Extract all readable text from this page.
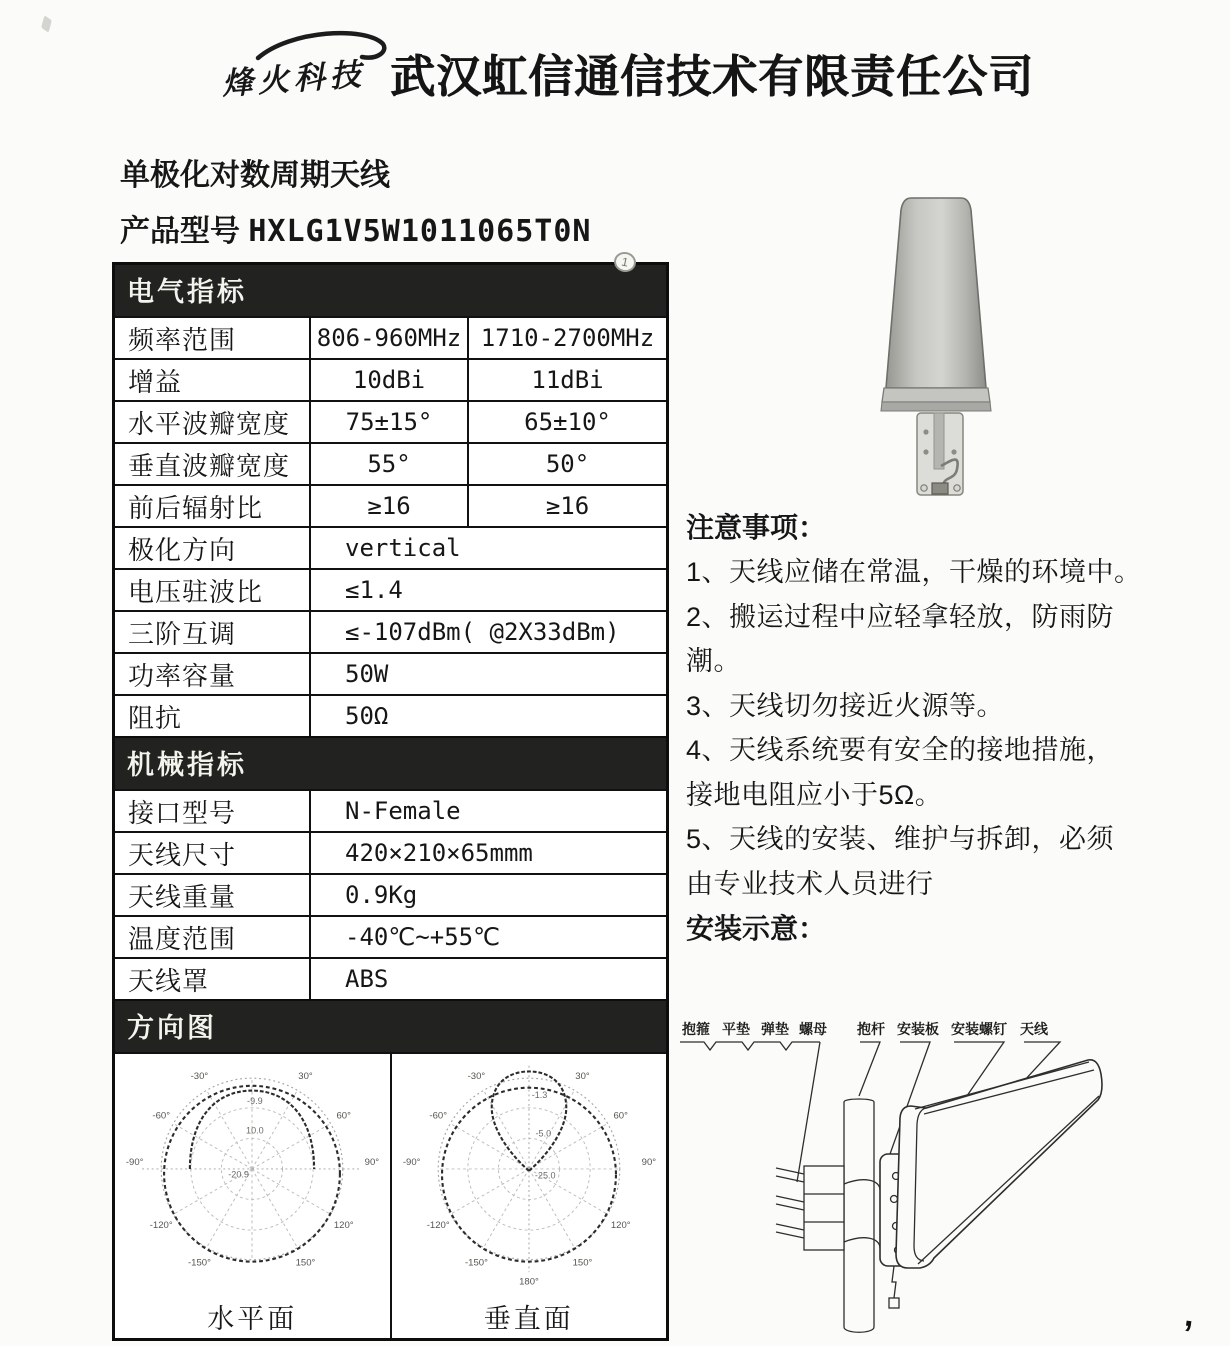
1
,
烽火科技 武汉虹信通信技术有限责任公司
单极化对数周期天线
产品型号 HXLG1V5W1011065T0N
电气指标
频率范围	806-960MHz 1710-2700MHz
增益	10dBi	11dBi
水平波瓣宽度	75±15°	65±10°
垂直波瓣宽度	55°	50°
前后辐射比	≥16	≥16
极化方向	vertical
电压驻波比	≤1.4
三阶互调	≤-107dBm( @2X33dBm)
功率容量	50W
阻抗	50Ω
机械指标
接口型号	N-Female
天线尺寸	420×210×65mmm
天线重量	0.9Kg
温度范围	-40℃~+55℃
天线罩	ABS
方向图
-30°	30°
-60°	60°
-90°	90°
-120°	120°
-150°	150°
-9.9
10.0
-20.9
水平面
-30°	30°
-60°	60°
-90°	90°
-120°	120°
-150°	150°
180°
-1.3
-5.0
-25.0
垂直面
注意事项：
1、天线应储在常温，干燥的环境中。
2、搬运过程中应轻拿轻放，防雨防
潮。
3、天线切勿接近火源等。
4、天线系统要有安全的接地措施，
接地电阻应小于5Ω。
5、天线的安装、维护与拆卸，必须
由专业技术人员进行
安装示意：
抱箍 平垫 弹垫 螺母 抱杆 安装板 安装螺钉 天线
